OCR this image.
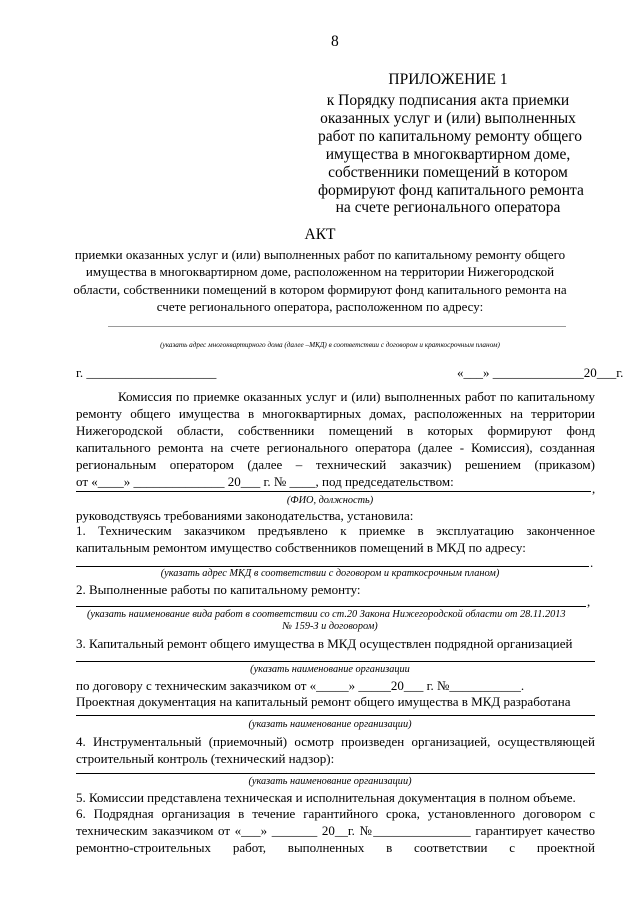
8
ПРИЛОЖЕНИЕ 1
к Порядку подписания акта приемки
оказанных услуг и (или) выполненных
работ по капитальному ремонту общего
имущества в многоквартирном доме,
собственники помещений в котором
формируют фонд капитального ремонта
на счете регионального оператора
АКТ
приемки оказанных услуг и (или) выполненных работ по капитальному ремонту общего
имущества в многоквартирном доме, расположенном на территории Нижегородской
области, собственники помещений в котором формируют фонд капитального ремонта на
счете регионального оператора, расположенном по адресу:
(указать адрес многоквартирного дома (далее –МКД) в соответствии с договором и краткосрочным планом)
г. ____________________	«___» ______________20___г.
Комиссия по приемке оказанных услуг и (или) выполненных работ по капитальному
ремонту общего имущества в многоквартирных домах, расположенных на территории
Нижегородской области, собственники помещений в которых формируют фонд
капитального ремонта на счете регионального оператора (далее - Комиссия), созданная
региональным оператором (далее – технический заказчик) решением (приказом)
от «____» ______________ 20___ г. № ____, под председательством:	,
(ФИО, должность)
руководствуясь требованиями законодательства, установила:
1. Техническим заказчиком предъявлено к приемке в эксплуатацию законченное
капитальным ремонтом имущество собственников помещений в МКД по адресу:
.
(указать адрес МКД в соответствии с договором и краткосрочным планом)
2. Выполненные работы по капитальному ремонту:
,
(указать наименование вида работ в соответствии со ст.20 Закона Нижегородской области от 28.11.2013
№ 159-З и договором)
3. Капитальный ремонт общего имущества в МКД осуществлен подрядной организацией
(указать наименование организации
по договору с техническим заказчиком от «_____» _____20___ г. №___________.
Проектная документация на капитальный ремонт общего имущества в МКД разработана
(указать наименование организации)
4. Инструментальный (приемочный) осмотр произведен организацией, осуществляющей
строительный контроль (технический надзор):
(указать наименование организации)
5. Комиссии представлена техническая и исполнительная документация в полном объеме.
6. Подрядная организация в течение гарантийного срока, установленного договором с
техническим заказчиком от «___» _______ 20__г. №_______________ гарантирует качество
ремонтно-строительных работ, выполненных в соответствии с проектной
